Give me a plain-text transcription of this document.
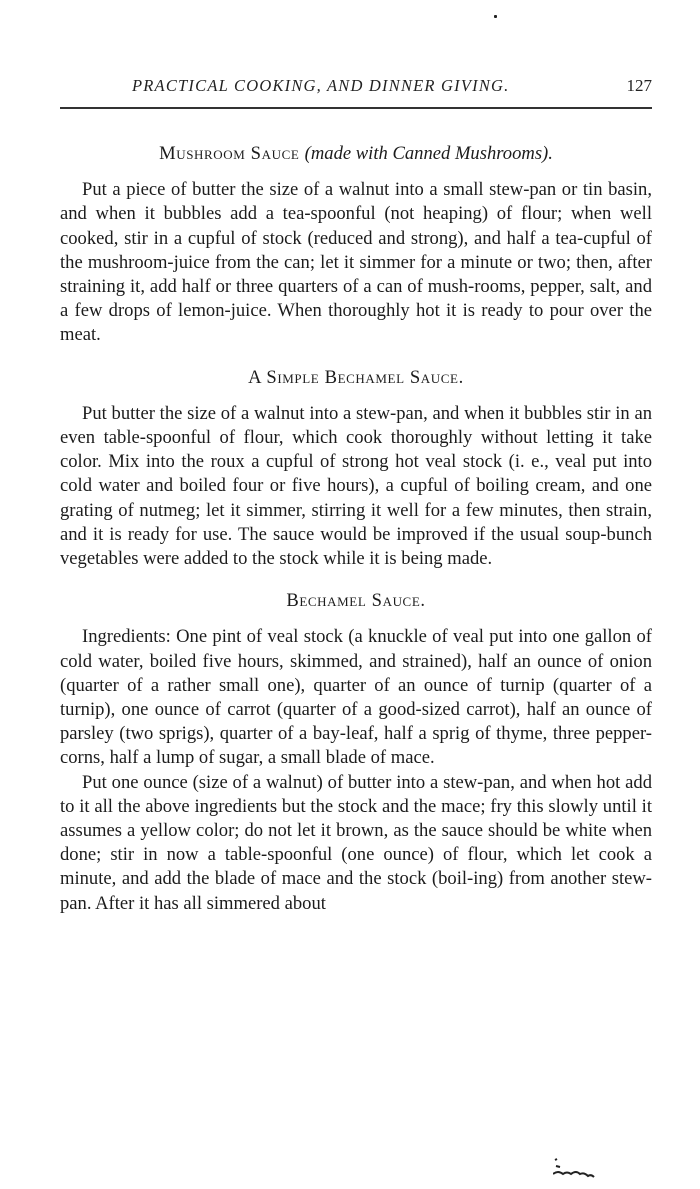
PRACTICAL COOKING, AND DINNER GIVING.	127
Mushroom Sauce (made with Canned Mushrooms).

Put a piece of butter the size of a walnut into a small stew-pan or tin basin, and when it bubbles add a tea-spoonful (not heaping) of flour; when well cooked, stir in a cupful of stock (reduced and strong), and half a tea-cupful of the mushroom-juice from the can; let it simmer for a minute or two; then, after straining it, add half or three quarters of a can of mush-rooms, pepper, salt, and a few drops of lemon-juice. When thoroughly hot it is ready to pour over the meat.

A Simple Bechamel Sauce.

Put butter the size of a walnut into a stew-pan, and when it bubbles stir in an even table-spoonful of flour, which cook thoroughly without letting it take color. Mix into the roux a cupful of strong hot veal stock (i. e., veal put into cold water and boiled four or five hours), a cupful of boiling cream, and one grating of nutmeg; let it simmer, stirring it well for a few minutes, then strain, and it is ready for use. The sauce would be improved if the usual soup-bunch vegetables were added to the stock while it is being made.

Bechamel Sauce.

Ingredients: One pint of veal stock (a knuckle of veal put into one gallon of cold water, boiled five hours, skimmed, and strained), half an ounce of onion (quarter of a rather small one), quarter of an ounce of turnip (quarter of a turnip), one ounce of carrot (quarter of a good-sized carrot), half an ounce of parsley (two sprigs), quarter of a bay-leaf, half a sprig of thyme, three pepper-corns, half a lump of sugar, a small blade of mace.

Put one ounce (size of a walnut) of butter into a stew-pan, and when hot add to it all the above ingredients but the stock and the mace; fry this slowly until it assumes a yellow color; do not let it brown, as the sauce should be white when done; stir in now a table-spoonful (one ounce) of flour, which let cook a minute, and add the blade of mace and the stock (boil-ing) from another stew-pan. After it has all simmered about
